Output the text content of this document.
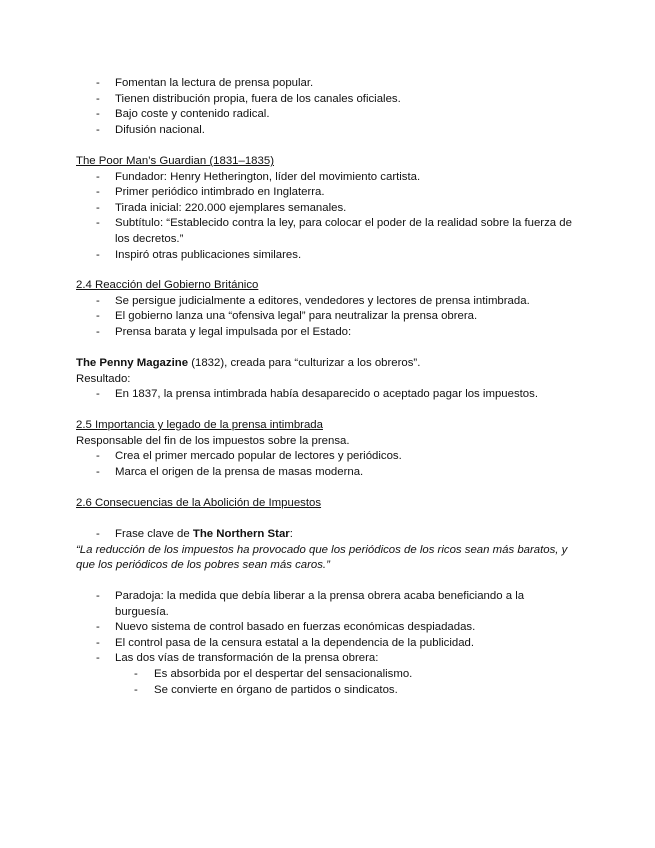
- Fomentan la lectura de prensa popular.
- Tienen distribución propia, fuera de los canales oficiales.
- Bajo coste y contenido radical.
- Difusión nacional.
The Poor Man’s Guardian (1831–1835)
- Fundador: Henry Hetherington, líder del movimiento cartista.
- Primer periódico intimbrado en Inglaterra.
- Tirada inicial: 220.000 ejemplares semanales.
- Subtítulo: “Establecido contra la ley, para colocar el poder de la realidad sobre la fuerza de los decretos.”
- Inspiró otras publicaciones similares.
2.4 Reacción del Gobierno Británico
- Se persigue judicialmente a editores, vendedores y lectores de prensa intimbrada.
- El gobierno lanza una “ofensiva legal” para neutralizar la prensa obrera.
- Prensa barata y legal impulsada por el Estado:
The Penny Magazine (1832), creada para “culturizar a los obreros”.
Resultado:
- En 1837, la prensa intimbrada había desaparecido o aceptado pagar los impuestos.
2.5 Importancia y legado de la prensa intimbrada
Responsable del fin de los impuestos sobre la prensa.
- Crea el primer mercado popular de lectores y periódicos.
- Marca el origen de la prensa de masas moderna.
2.6 Consecuencias de la Abolición de Impuestos
- Frase clave de The Northern Star:
“La reducción de los impuestos ha provocado que los periódicos de los ricos sean más baratos, y que los periódicos de los pobres sean más caros.”
- Paradoja: la medida que debía liberar a la prensa obrera acaba beneficiando a la burguesía.
- Nuevo sistema de control basado en fuerzas económicas despiadadas.
- El control pasa de la censura estatal a la dependencia de la publicidad.
- Las dos vías de transformación de la prensa obrera:
- Es absorbida por el despertar del sensacionalismo.
- Se convierte en órgano de partidos o sindicatos.
